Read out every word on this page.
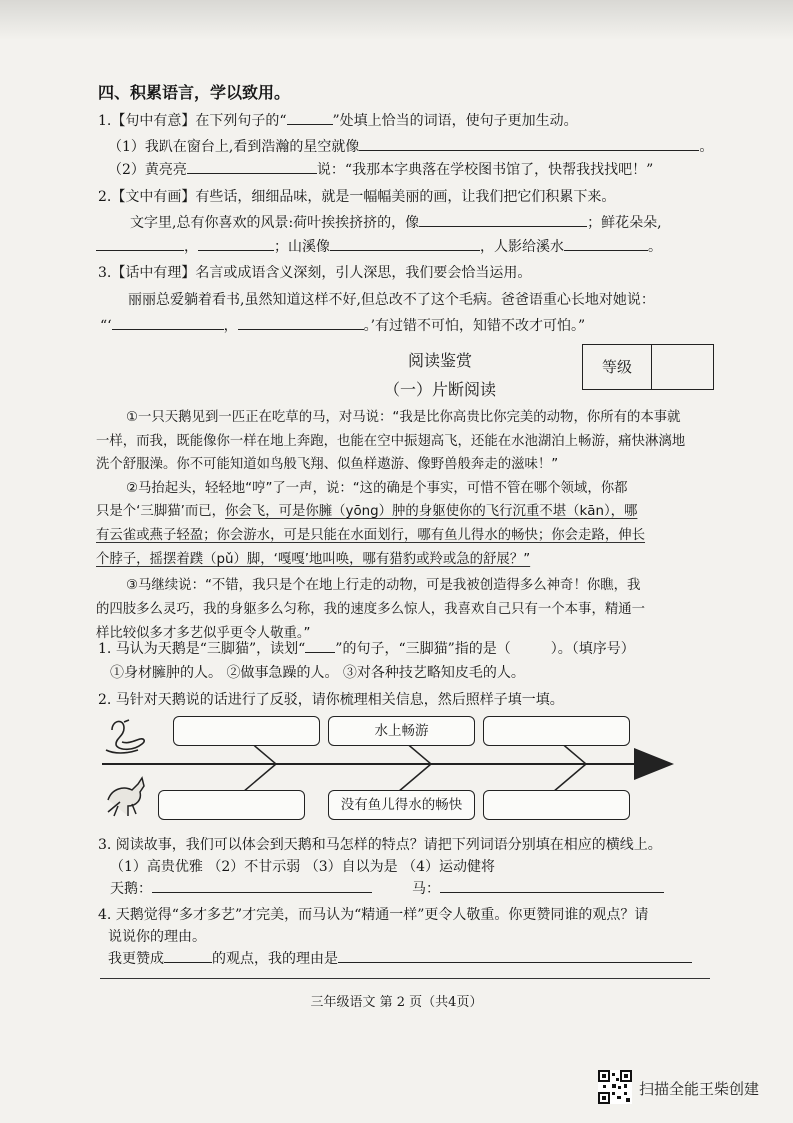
四、积累语言，学以致用。
1.【句中有意】在下列句子的“	”处填上恰当的词语，使句子更加生动。
（1）我趴在窗台上,看到浩瀚的星空就像	。
（2）黄亮亮	说：“我那本字典落在学校图书馆了，快帮我找找吧！”
2.【文中有画】有些话，细细品味，就是一幅幅美丽的画，让我们把它们积累下来。
文字里,总有你喜欢的风景:荷叶挨挨挤挤的，像	；鲜花朵朵,
，	；山溪像	，人影给溪水	。
3.【话中有理】名言或成语含义深刻，引人深思，我们要会恰当运用。
丽丽总爱躺着看书,虽然知道这样不好,但总改不了这个毛病。爸爸语重心长地对她说：
“‘	，	。’有过错不可怕，知错不改才可怕。”
阅读鉴赏
（一）片断阅读
等级
①一只天鹅见到一匹正在吃草的马，对马说：“我是比你高贵比你完美的动物，你所有的本事就
一样，而我，既能像你一样在地上奔跑，也能在空中振翅高飞，还能在水池湖泊上畅游，痛快淋漓地
洗个舒服澡。你不可能知道如鸟般飞翔、似鱼样遨游、像野兽般奔走的滋味！”
②马抬起头，轻轻地“哼”了一声，说：“这的确是个事实，可惜不管在哪个领域，你都
只是个‘三脚猫’而已，你会飞，可是你臃（yōng）肿的身躯使你的飞行沉重不堪（kān），哪
有云雀或燕子轻盈；你会游水，可是只能在水面划行，哪有鱼儿得水的畅快；你会走路，伸长
个脖子，摇摆着蹼（pǔ）脚，‘嘎嘎’地叫唤，哪有猎豹或羚或急的舒展？”
③马继续说：“不错，我只是个在地上行走的动物，可是我被创造得多么神奇！你瞧，我
的四肢多么灵巧，我的身躯多么匀称，我的速度多么惊人，我喜欢自己只有一个本事，精通一
样比较似多才多艺似乎更令人敬重。”
1. 马认为天鹅是“三脚猫”，读划“ ”的句子，“三脚猫”指的是（	）。（填序号）
①身材臃肿的人。 ②做事急躁的人。 ③对各种技艺略知皮毛的人。
2. 马针对天鹅说的话进行了反驳，请你梳理相关信息，然后照样子填一填。
水上畅游
没有鱼儿得水的畅快
3. 阅读故事，我们可以体会到天鹅和马怎样的特点？请把下列词语分别填在相应的横线上。
（1）高贵优雅 （2）不甘示弱 （3）自以为是 （4）运动健将
天鹅：	马：
4. 天鹅觉得“多才多艺”才完美，而马认为“精通一样”更令人敬重。你更赞同谁的观点？请
说说你的理由。
我更赞成	的观点，我的理由是
三年级语文 第 2 页（共4页）
扫描全能王柴创建
